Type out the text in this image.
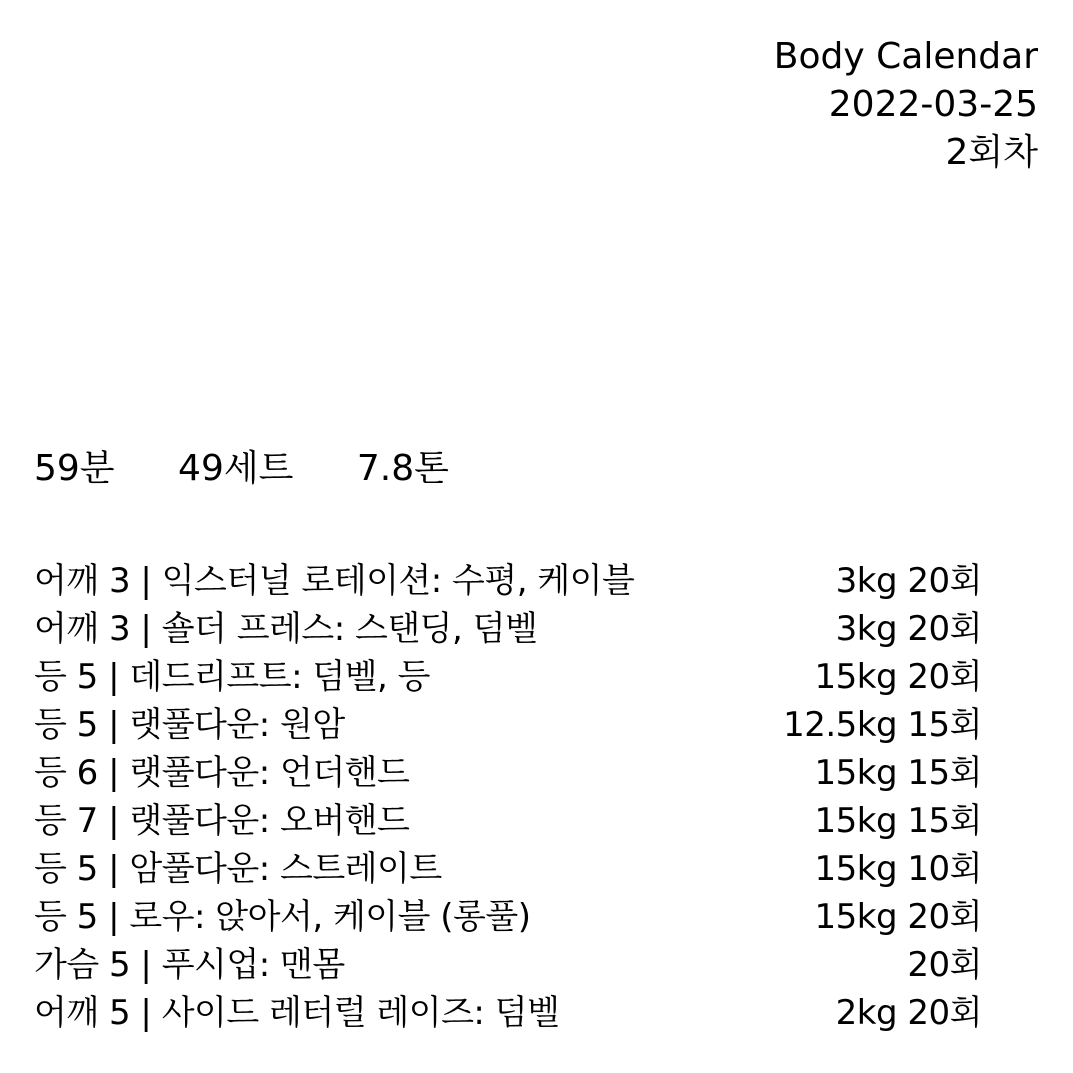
Body Calendar
2022-03-25
2회차
59분 49세트 7.8톤
어깨 3 | 익스터널 로테이션: 수평, 케이블	3kg 20회
어깨 3 | 숄더 프레스: 스탠딩, 덤벨	3kg 20회
등 5 | 데드리프트: 덤벨, 등	15kg 20회
등 5 | 랫풀다운: 원암	12.5kg 15회
등 6 | 랫풀다운: 언더핸드	15kg 15회
등 7 | 랫풀다운: 오버핸드	15kg 15회
등 5 | 암풀다운: 스트레이트	15kg 10회
등 5 | 로우: 앉아서, 케이블 (롱풀)	15kg 20회
가슴 5 | 푸시업: 맨몸	20회
어깨 5 | 사이드 레터럴 레이즈: 덤벨	2kg 20회
